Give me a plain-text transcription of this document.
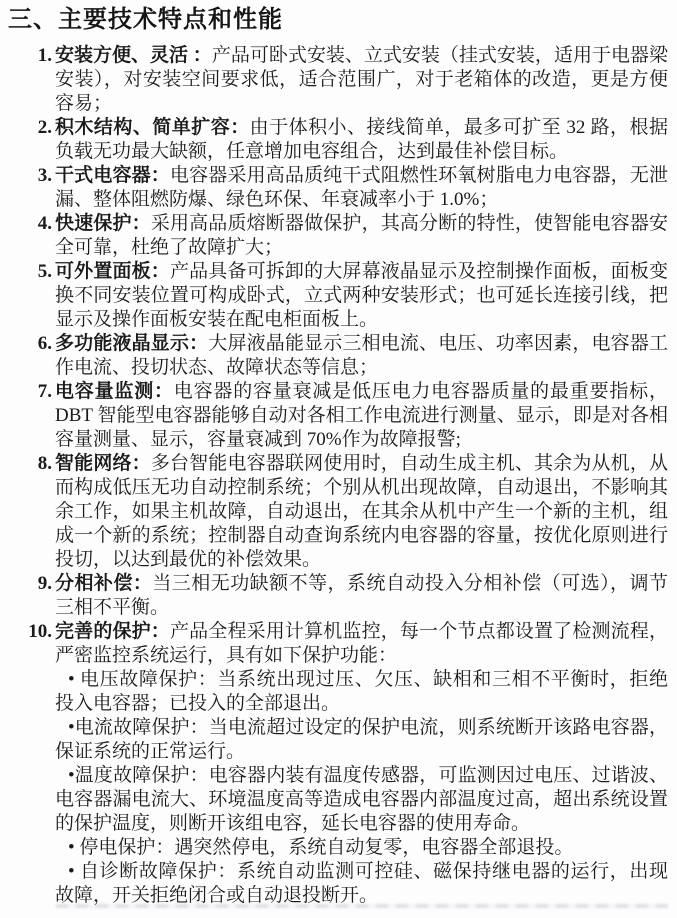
三、主要技术特点和性能

1. 安装方便、灵活 ：产品可卧式安装、立式安装（挂式安装，适用于电器梁安装），对安装空间要求低，适合范围广，对于老箱体的改造，更是方便容易；

2. 积木结构、简单扩容：由于体积小、接线简单，最多可扩至 32 路，根据负载无功最大缺额，任意增加电容组合，达到最佳补偿目标。

3. 干式电容器：电容器采用高品质纯干式阻燃性环氧树脂电力电容器，无泄漏、整体阻燃防爆、绿色环保、年衰减率小于 1.0%；

4. 快速保护：采用高品质熔断器做保护，其高分断的特性，使智能电容器安全可靠，杜绝了故障扩大；

5. 可外置面板：产品具备可拆卸的大屏幕液晶显示及控制操作面板，面板变换不同安装位置可构成卧式，立式两种安装形式；也可延长连接引线，把显示及操作面板安装在配电柜面板上。

6. 多功能液晶显示：大屏液晶能显示三相电流、电压、功率因素，电容器工作电流、投切状态、故障状态等信息；

7. 电容量监测：电容器的容量衰减是低压电力电容器质量的最重要指标，DBT 智能型电容器能够自动对各相工作电流进行测量、显示，即是对各相容量测量、显示，容量衰减到 70%作为故障报警;

8. 智能网络：多台智能电容器联网使用时，自动生成主机、其余为从机，从而构成低压无功自动控制系统；个别从机出现故障，自动退出，不影响其余工作，如果主机故障，自动退出，在其余从机中产生一个新的主机，组成一个新的系统；控制器自动查询系统内电容器的容量，按优化原则进行投切，以达到最优的补偿效果。

9. 分相补偿：当三相无功缺额不等，系统自动投入分相补偿（可选），调节三相不平衡。

10. 完善的保护：产品全程采用计算机监控，每一个节点都设置了检测流程，严密监控系统运行，具有如下保护功能：

• 电压故障保护：当系统出现过压、欠压、缺相和三相不平衡时，拒绝投入电容器；已投入的全部退出。

•电流故障保护：当电流超过设定的保护电流，则系统断开该路电容器，保证系统的正常运行。

•温度故障保护：电容器内装有温度传感器，可监测因过电压、过谐波、电容器漏电流大、环境温度高等造成电容器内部温度过高，超出系统设置的保护温度，则断开该组电容，延长电容器的使用寿命。

• 停电保护：遇突然停电，系统自动复零，电容器全部退投。

• 自诊断故障保护：系统自动监测可控硅、磁保持继电器的运行，出现故障，开关拒绝闭合或自动退投断开。
